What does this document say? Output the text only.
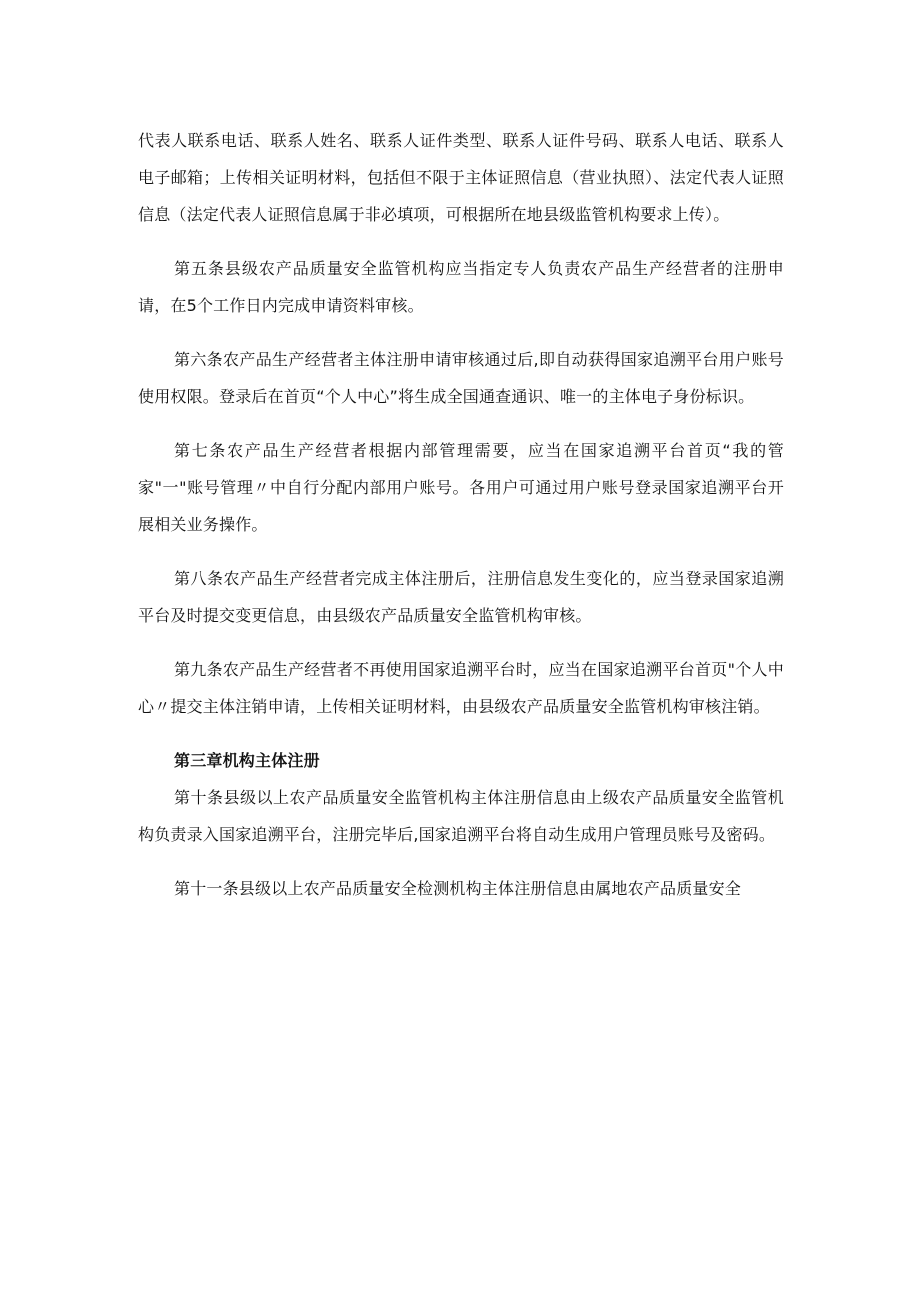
代表人联系电话、联系人姓名、联系人证件类型、联系人证件号码、联系人电话、联系人电子邮箱；上传相关证明材料，包括但不限于主体证照信息（营业执照）、法定代表人证照信息（法定代表人证照信息属于非必填项，可根据所在地县级监管机构要求上传）。

第五条县级农产品质量安全监管机构应当指定专人负责农产品生产经营者的注册申请，在5个工作日内完成申请资料审核。

第六条农产品生产经营者主体注册申请审核通过后,即自动获得国家追溯平台用户账号使用权限。登录后在首页“个人中心”将生成全国通查通识、唯一的主体电子身份标识。

第七条农产品生产经营者根据内部管理需要，应当在国家追溯平台首页“我的管家"一"账号管理〃中自行分配内部用户账号。各用户可通过用户账号登录国家追溯平台开展相关业务操作。

第八条农产品生产经营者完成主体注册后，注册信息发生变化的，应当登录国家追溯平台及时提交变更信息，由县级农产品质量安全监管机构审核。

第九条农产品生产经营者不再使用国家追溯平台时，应当在国家追溯平台首页"个人中心〃提交主体注销申请，上传相关证明材料，由县级农产品质量安全监管机构审核注销。

第三章机构主体注册

第十条县级以上农产品质量安全监管机构主体注册信息由上级农产品质量安全监管机构负责录入国家追溯平台，注册完毕后,国家追溯平台将自动生成用户管理员账号及密码。

第十一条县级以上农产品质量安全检测机构主体注册信息由属地农产品质量安全
